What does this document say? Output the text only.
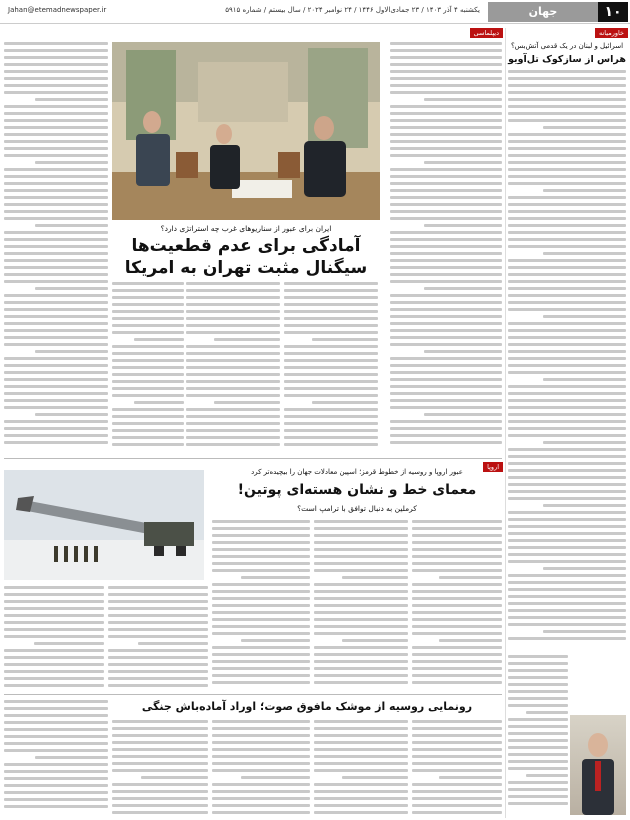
۱۰
جهان
یکشنبه ۴ آذر ۱۴۰۳ / ۲۳ جمادی‌الاول ۱۴۴۶ / ۲۴ نوامبر ۲۰۲۴ / سال بیستم / شماره ۵۹۱۵
Jahan@etemadnewspaper.ir
خاورمیانه
اسرائیل و لبنان در یک قدمی آتش‌بس؟
هراس از سازکوک تل‌آویو
دیپلماسی
ایران برای عبور از سناریوهای غرب چه استراتژی دارد؟
آمادگی برای عدم قطعیت‌ها
سیگنال مثبت تهران به امریکا
اروپا
عبور اروپا و روسیه از خطوط قرمز؛ اسپین معادلات جهان را بیچیده‌تر کرد
معمای خط و نشان هسته‌ای پوتین!
کرملین به دنبال توافق با ترامپ است؟
رونمایی روسیه از موشک مافوق صوت؛ اوراد آماده‌باش جنگی
